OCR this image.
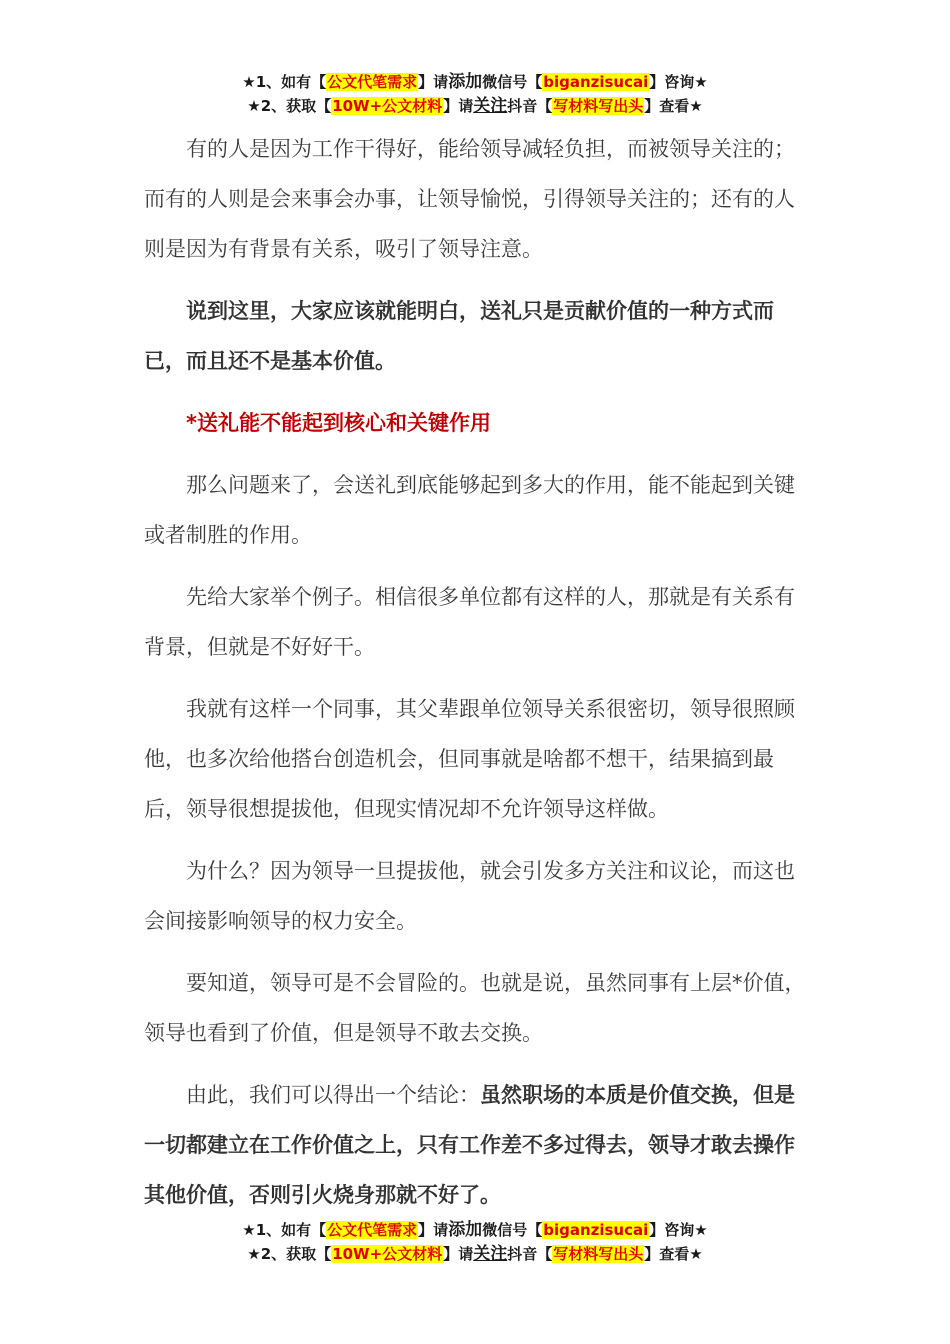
★1、如有【公文代笔需求】请添加微信号【biganzisucai】咨询★
★2、获取【10W+公文材料】请关注抖音【写材料写出头】查看★

有的人是因为工作干得好，能给领导减轻负担，而被领导关注的；而有的人则是会来事会办事，让领导愉悦，引得领导关注的；还有的人则是因为有背景有关系，吸引了领导注意。

说到这里，大家应该就能明白，送礼只是贡献价值的一种方式而已，而且还不是基本价值。

*送礼能不能起到核心和关键作用

那么问题来了，会送礼到底能够起到多大的作用，能不能起到关键或者制胜的作用。

先给大家举个例子。相信很多单位都有这样的人，那就是有关系有背景，但就是不好好干。

我就有这样一个同事，其父辈跟单位领导关系很密切，领导很照顾他，也多次给他搭台创造机会，但同事就是啥都不想干，结果搞到最后，领导很想提拔他，但现实情况却不允许领导这样做。

为什么？因为领导一旦提拔他，就会引发多方关注和议论，而这也会间接影响领导的权力安全。

要知道，领导可是不会冒险的。也就是说，虽然同事有上层*价值，领导也看到了价值，但是领导不敢去交换。

由此，我们可以得出一个结论：虽然职场的本质是价值交换，但是一切都建立在工作价值之上，只有工作差不多过得去，领导才敢去操作其他价值，否则引火烧身那就不好了。

★1、如有【公文代笔需求】请添加微信号【biganzisucai】咨询★
★2、获取【10W+公文材料】请关注抖音【写材料写出头】查看★
